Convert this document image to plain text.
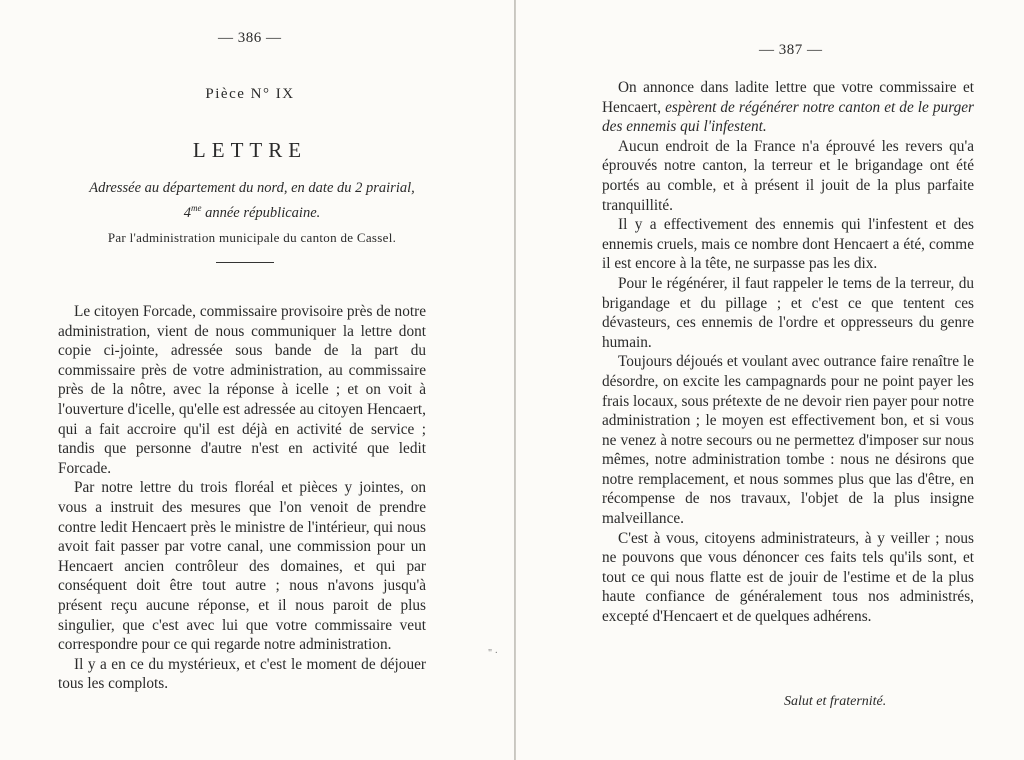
— 386 —
Pièce N° IX
LETTRE
Adressée au département du nord, en date du 2 prairial,
$4^{me}$ année républicaine.
Par l'administration municipale du canton de Cassel.

Le citoyen Forcade, commissaire provisoire près de notre administration, vient de nous communiquer la lettre dont copie ci-jointe, adressée sous bande de la part du commissaire près de votre administration, au commissaire près de la nôtre, avec la réponse à icelle ; et on voit à l'ouverture d'icelle, qu'elle est adressée au citoyen Hencaert, qui a fait accroire qu'il est déjà en activité de service ; tandis que personne d'autre n'est en activité que ledit Forcade.

Par notre lettre du trois floréal et pièces y jointes, on vous a instruit des mesures que l'on venoit de prendre contre ledit Hencaert près le ministre de l'intérieur, qui nous avoit fait passer par votre canal, une commission pour un Hencaert ancien contrôleur des domaines, et qui par conséquent doit être tout autre ; nous n'avons jusqu'à présent reçu aucune réponse, et il nous paroit de plus singulier, que c'est avec lui que votre commissaire veut correspondre pour ce qui regarde notre administration.

Il y a en ce du mystérieux, et c'est le moment de déjouer tous les complots.

" ·
— 387 —

On annonce dans ladite lettre que votre commissaire et Hencaert, espèrent de régénérer notre canton et de le purger des ennemis qui l'infestent.

Aucun endroit de la France n'a éprouvé les revers qu'a éprouvés notre canton, la terreur et le brigandage ont été portés au comble, et à présent il jouit de la plus parfaite tranquillité.

Il y a effectivement des ennemis qui l'infestent et des ennemis cruels, mais ce nombre dont Hencaert a été, comme il est encore à la tête, ne surpasse pas les dix.

Pour le régénérer, il faut rappeler le tems de la terreur, du brigandage et du pillage ; et c'est ce que tentent ces dévasteurs, ces ennemis de l'ordre et oppresseurs du genre humain.

Toujours déjoués et voulant avec outrance faire renaître le désordre, on excite les campagnards pour ne point payer les frais locaux, sous prétexte de ne devoir rien payer pour notre administration ; le moyen est effectivement bon, et si vous ne venez à notre secours ou ne permettez d'imposer sur nous mêmes, notre administration tombe : nous ne désirons que notre remplacement, et nous sommes plus que las d'être, en récompense de nos travaux, l'objet de la plus insigne malveillance.

C'est à vous, citoyens administrateurs, à y veiller ; nous ne pouvons que vous dénoncer ces faits tels qu'ils sont, et tout ce qui nous flatte est de jouir de l'estime et de la plus haute confiance de généralement tous nos administrés, excepté d'Hencaert et de quelques adhérens.

Salut et fraternité.
